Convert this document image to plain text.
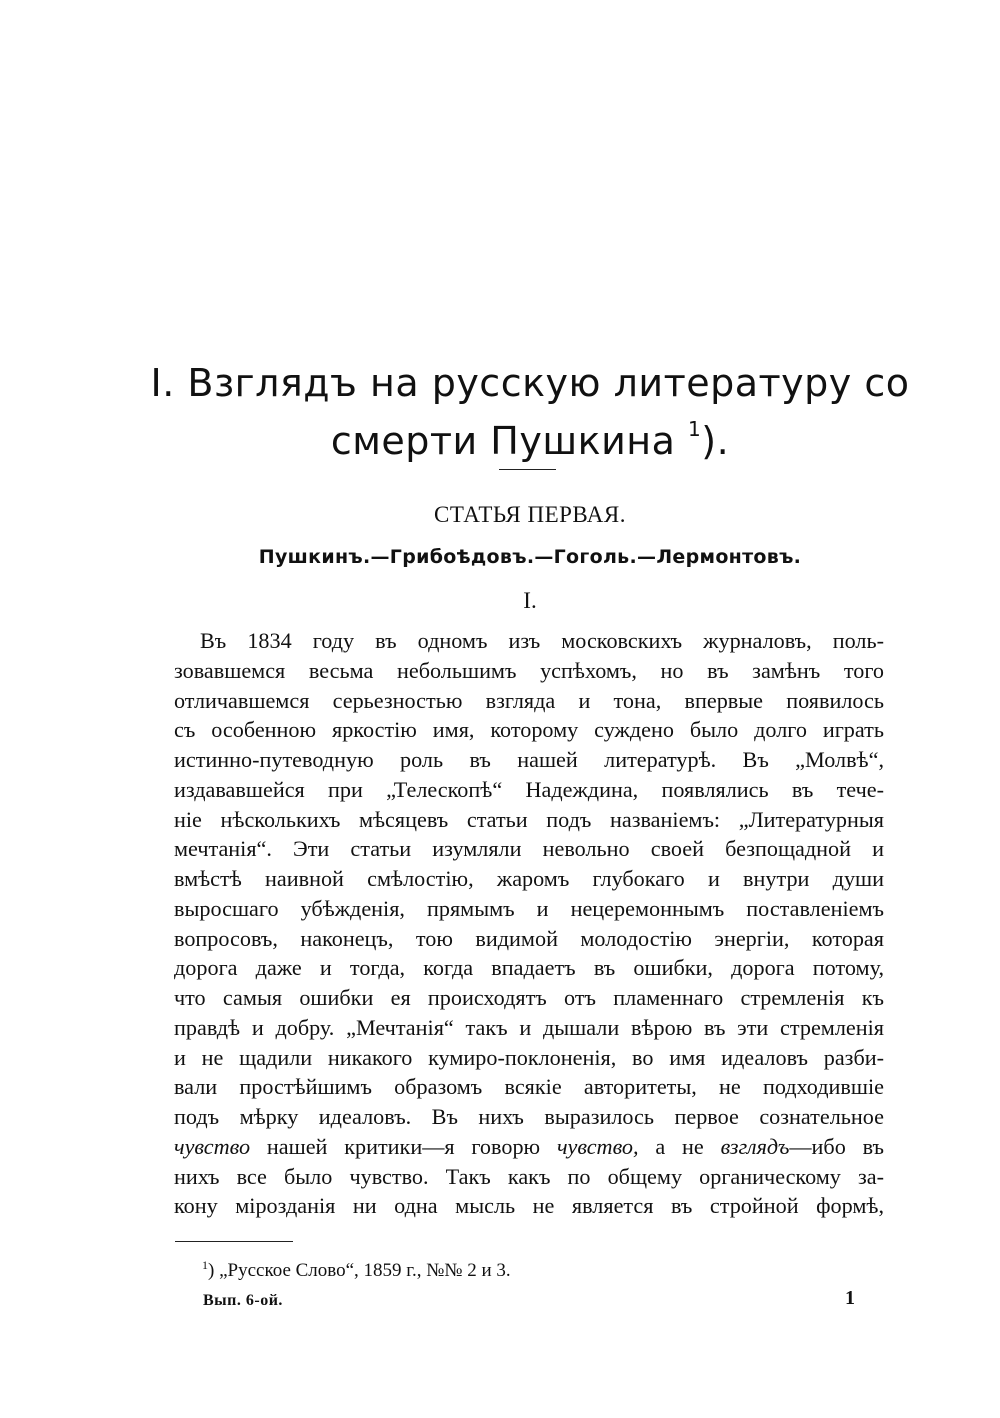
I. Взглядъ на русскую литературу со
смерти Пушкина $^1$).
СТАТЬЯ ПЕРВАЯ.
Пушкинъ.—Грибоѣдовъ.—Гоголь.—Лермонтовъ.
I.
Въ 1834 году въ одномъ изъ московскихъ журналовъ, поль-
зовавшемся весьма небольшимъ успѣхомъ, но въ замѣнъ того
отличавшемся серьезностью взгляда и тона, впервые появилось
съ особенною яркостію имя, которому суждено было долго играть
истинно-путеводную роль въ нашей литературѣ. Въ „Молвѣ“,
издававшейся при „Телескопѣ“ Надеждина, появлялись въ тече-
ніе нѣсколькихъ мѣсяцевъ статьи подъ названіемъ: „Литературныя
мечтанія“. Эти статьи изумляли невольно своей безпощадной и
вмѣстѣ наивной смѣлостію, жаромъ глубокаго и внутри души
выросшаго убѣжденія, прямымъ и нецеремоннымъ поставленіемъ
вопросовъ, наконецъ, тою видимой молодостію энергіи, которая
дорога даже и тогда, когда впадаетъ въ ошибки, дорога потому,
что самыя ошибки ея происходятъ отъ пламеннаго стремленія къ
правдѣ и добру. „Мечтанія“ такъ и дышали вѣрою въ эти стремленія
и не щадили никакого кумиро-поклоненія, во имя идеаловъ разби-
вали простѣйшимъ образомъ всякіе авторитеты, не подходившіе
подъ мѣрку идеаловъ. Въ нихъ выразилось первое сознательное
чувство нашей критики—я говорю чувство, а не взглядъ—ибо въ
нихъ все было чувство. Такъ какъ по общему органическому за-
кону мірозданія ни одна мысль не является въ стройной формѣ,
$^1$) „Русское Слово“, 1859 г., №№ 2 и 3.
Вып. 6-ой.	1
